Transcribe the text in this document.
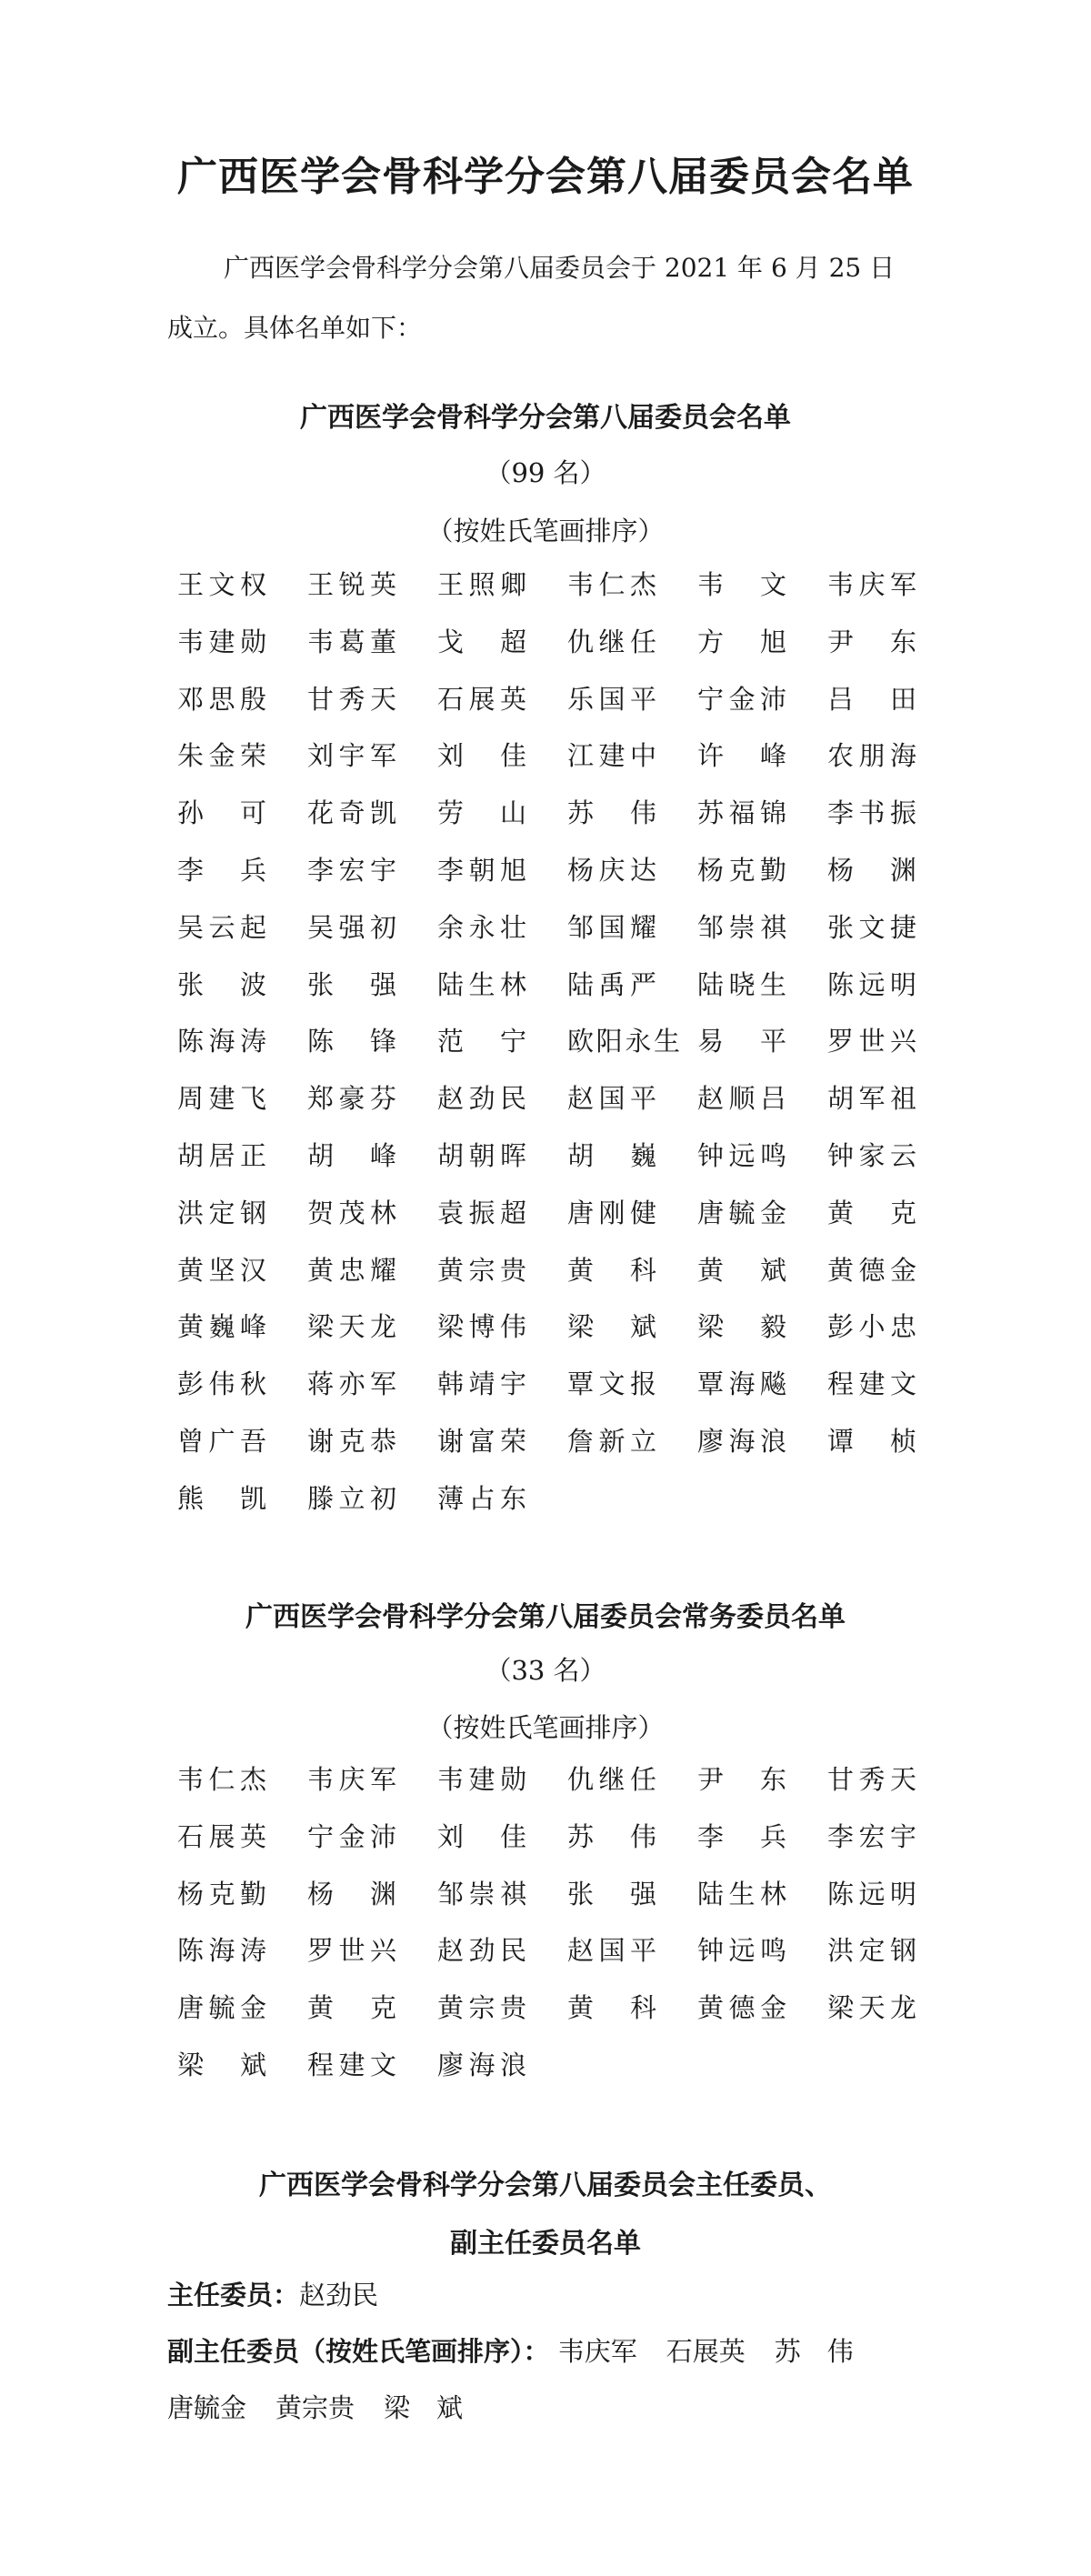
广西医学会骨科学分会第八届委员会名单

广西医学会骨科学分会第八届委员会于 2021 年 6 月 25 日
成立。具体名单如下：

广西医学会骨科学分会第八届委员会名单

（99 名）

（按姓氏笔画排序）

王文权 王锐英 王照卿 韦仁杰 韦　文 韦庆军
韦建勋 韦葛董 戈　超 仇继任 方　旭 尹　东
邓思殷 甘秀天 石展英 乐国平 宁金沛 吕　田
朱金荣 刘宇军 刘　佳 江建中 许　峰 农朋海
孙　可 花奇凯 劳　山 苏　伟 苏福锦 李书振
李　兵 李宏宇 李朝旭 杨庆达 杨克勤 杨　渊
吴云起 吴强初 余永壮 邹国耀 邹崇祺 张文捷
张　波 张　强 陆生林 陆禹严 陆晓生 陈远明
陈海涛 陈　锋 范　宁 欧阳永生 易　平 罗世兴
周建飞 郑豪芬 赵劲民 赵国平 赵顺吕 胡军祖
胡居正 胡　峰 胡朝晖 胡　巍 钟远鸣 钟家云
洪定钢 贺茂林 袁振超 唐刚健 唐毓金 黄　克
黄坚汉 黄忠耀 黄宗贵 黄　科 黄　斌 黄德金
黄巍峰 梁天龙 梁博伟 梁　斌 梁　毅 彭小忠
彭伟秋 蒋亦军 韩靖宇 覃文报 覃海飚 程建文
曾广吾 谢克恭 谢富荣 詹新立 廖海浪 谭　桢
熊　凯 滕立初 薄占东
广西医学会骨科学分会第八届委员会常务委员名单

（33 名）

（按姓氏笔画排序）

韦仁杰 韦庆军 韦建勋 仇继任 尹　东 甘秀天
石展英 宁金沛 刘　佳 苏　伟 李　兵 李宏宇
杨克勤 杨　渊 邹崇祺 张　强 陆生林 陈远明
陈海涛 罗世兴 赵劲民 赵国平 钟远鸣 洪定钢
唐毓金 黄　克 黄宗贵 黄　科 黄德金 梁天龙
梁　斌 程建文 廖海浪
广西医学会骨科学分会第八届委员会主任委员、
副主任委员名单

主任委员：赵劲民

副主任委员（按姓氏笔画排序）： 韦庆军 石展英 苏　伟

唐毓金 黄宗贵 梁　斌
